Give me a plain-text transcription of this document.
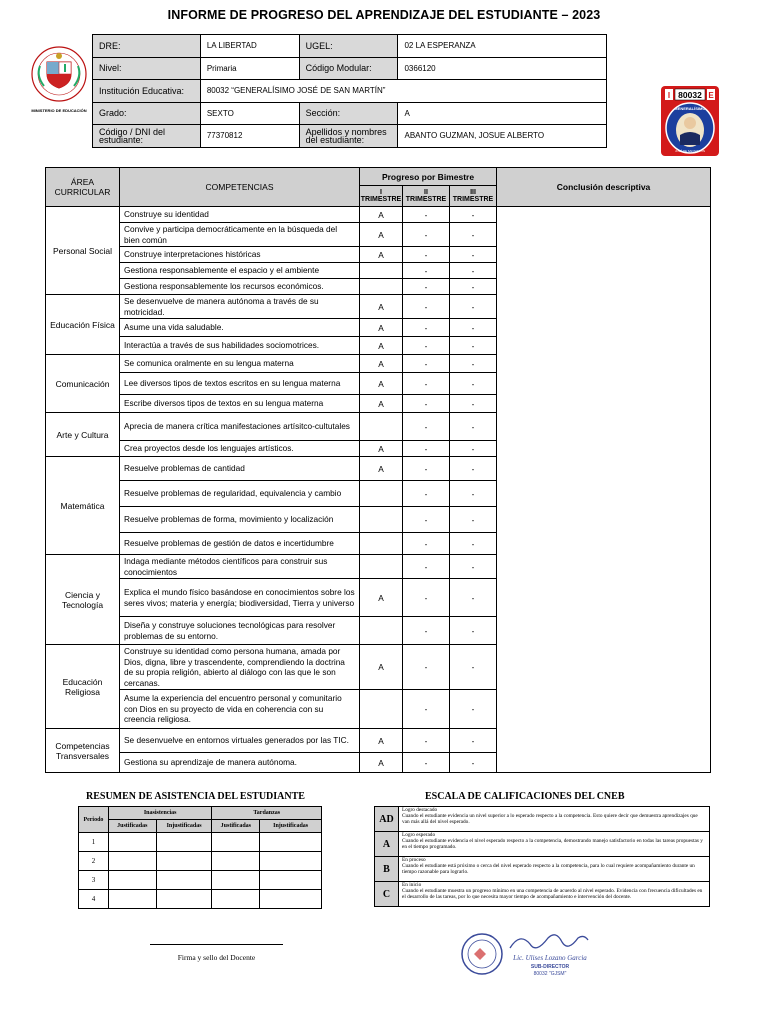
INFORME DE PROGRESO DEL APRENDIZAJE DEL ESTUDIANTE – 2023
MINISTERIO DE EDUCACIÓN
I	E
80032
GENERALÍSIMO
JOSÉ DE SAN MARTÍN
DRE:	LA LIBERTAD	UGEL:	02 LA ESPERANZA
Nivel:	Primaria	Código Modular:	0366120
Institución Educativa:	80032 “GENERALÍSIMO JOSÉ DE SAN MARTÍN”		
Grado:	SEXTO	Sección:	A
Código / DNI del estudiante:	77370812	Apellidos y nombres del estudiante:	ABANTO GUZMAN, JOSUE ALBERTO
ÁREA CURRICULAR	COMPETENCIAS	Progreso por Bimestre			Conclusión descriptiva
		I TRIMESTRE	II TRIMESTRE	III TRIMESTRE	
Personal Social	Construye su identidad	A	-	-	
	Convive y participa democráticamente en la búsqueda del bien común	A	-	-	
	Construye interpretaciones históricas	A	-	-	
	Gestiona responsablemente el espacio y el ambiente		-	-	
	Gestiona responsablemente los recursos económicos.		-	-	
Educación Física	Se desenvuelve de manera autónoma a través de su motricidad.	A	-	-	
	Asume una vida saludable.	A	-	-	
	Interactúa a través de sus habilidades sociomotrices.	A	-	-	
Comunicación	Se comunica oralmente en su lengua materna	A	-	-	
	Lee diversos tipos de textos escritos en su lengua materna	A	-	-	
	Escribe diversos tipos de textos en su lengua materna	A	-	-	
Arte y Cultura	Aprecia de manera crítica manifestaciones artísitco-cultutales		-	-	
	Crea proyectos desde los lenguajes artísticos.	A	-	-	
Matemática	Resuelve problemas de cantidad	A	-	-	
	Resuelve problemas de regularidad, equivalencia y cambio		-	-	
	Resuelve problemas de forma, movimiento y localización		-	-	
	Resuelve problemas de gestión de datos e incertidumbre		-	-	
Ciencia y Tecnología	Indaga mediante métodos científicos para construir sus conocimientos		-	-	
	Explica el mundo físico basándose en conocimientos sobre los seres vivos; materia y energía; biodiversidad, Tierra y universo	A	-	-	
	Diseña y construye soluciones tecnológicas para resolver problemas de su entorno.		-	-	
Educación Religiosa	Construye su identidad como persona humana, amada por Dios, digna, libre y trascendente, comprendiendo la doctrina de su propia religión, abierto al diálogo con las que le son cercanas.	A	-	-	
	Asume la experiencia del encuentro personal y comunitario con Dios en su proyecto de vida en coherencia con su creencia religiosa.		-	-	
Competencias Transversales	Se desenvuelve en entornos virtuales generados por las TIC.	A	-	-	
	Gestiona su aprendizaje de manera autónoma.	A	-	-	
RESUMEN DE ASISTENCIA DEL ESTUDIANTE
Periodo	Inasistencias		Tardanzas	
	Justificadas	Injustificadas	Justificadas	Injustificadas
1				
2				
3				
4				
ESCALA DE CALIFICACIONES DEL CNEB
AD	Logro destacado
Cuando el estudiante evidencia un nivel superior a lo esperado respecto a la competencia. Esto quiere decir que demuestra aprendizajes que van más allá del nivel esperado.

A	Logro esperado
Cuando el estudiante evidencia el nivel esperado respecto a la competencia, demostrando manejo satisfactorio en todas las tareas propuestas y en el tiempo programado.

B	En proceso
Cuando el estudiante está próximo o cerca del nivel esperado respecto a la competencia, para lo cual requiere acompañamiento durante un tiempo razonable para lograrlo.

C	En inicio
Cuando el estudiante muestra un progreso mínimo en una competencia de acuerdo al nivel esperado. Evidencia con frecuencia dificultades en el desarrollo de las tareas, por lo que necesita mayor tiempo de acompañamiento e intervención del docente.
Firma y sello del Docente	Lic. Ulises Lozano Garcia
SUB-DIRECTOR
80032 "GJSM"
